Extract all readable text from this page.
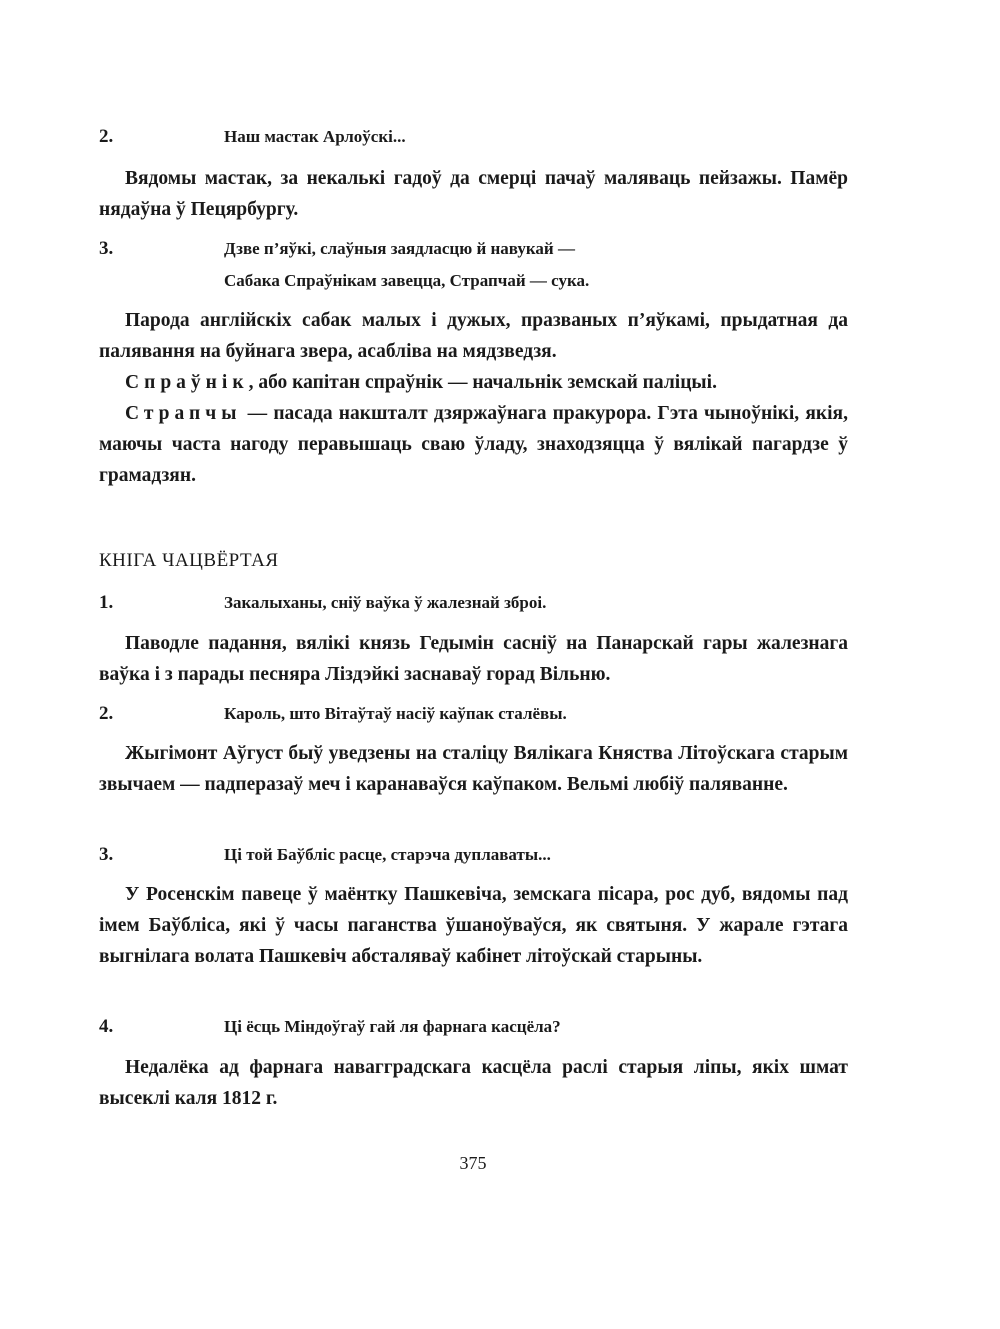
2.	Наш мастак Арлоўскі...

Вядомы мастак, за некалькі гадоў да смерці пачаў маляваць пейзажы. Памёр нядаўна ў Пецярбургу.

3.	Дзве п’яўкі, слаўныя заядласцю й навукай —
Сабака Спраўнікам завецца, Страпчай — сука.

Парода англійскіх сабак малых і дужых, празваных п’яўкамі, прыдатная да палявання на буйнага звера, асабліва на мядзведзя.

Спраўнік, або капітан спраўнік — начальнік земскай паліцыі.

Страпчы — пасада накшталт дзяржаўнага пракурора. Гэта чыноўнікі, якія, маючы часта нагоду перавышаць сваю ўладу, знаходзяцца ў вялікай пагардзе ў грамадзян.

КНІГА ЧАЦВЁРТАЯ
1.	Закалыханы, сніў ваўка ў жалезнай зброі.

Паводле падання, вялікі князь Гедымін сасніў на Панарскай гары жалезнага ваўка і з парады песняра Ліздэйкі заснаваў горад Вільню.

2.	Кароль, што Вітаўтаў насіў каўпак сталёвы.

Жыгімонт Аўгуст быў уведзены на сталіцу Вялікага Княства Літоўскага старым звычаем — падперазаў меч і каранаваўся каўпаком. Вельмі любіў паляванне.

3.	Ці той Баўбліс расце, старэча дуплаваты...

У Росенскім павеце ў маёнтку Пашкевіча, земскага пісара, рос дуб, вядомы пад імем Баўбліса, які ў часы паганства ўшаноўваўся, як святыня. У жарале гэтага выгнілага волата Пашкевіч абсталяваў кабінет літоўскай старыны.

4.	Ці ёсць Міндоўгаў гай ля фарнага касцёла?

Недалёка ад фарнага навагградскага касцёла раслі старыя ліпы, якіх шмат высеклі каля 1812 г.

375
